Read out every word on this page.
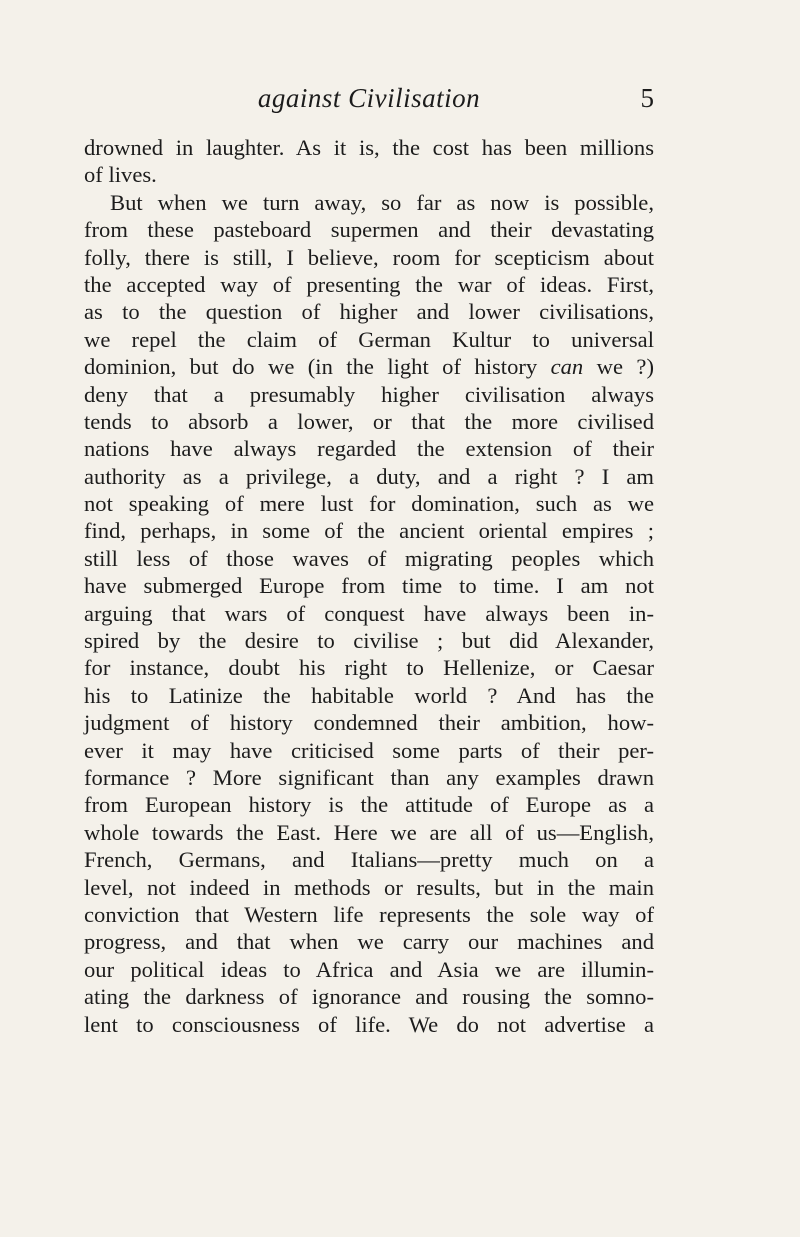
against Civilisation	5
drowned in laughter. As it is, the cost has been millions
of lives.
But when we turn away, so far as now is possible,
from these pasteboard supermen and their devastating
folly, there is still, I believe, room for scepticism about
the accepted way of presenting the war of ideas. First,
as to the question of higher and lower civilisations,
we repel the claim of German Kultur to universal
dominion, but do we (in the light of history can we ?)
deny that a presumably higher civilisation always
tends to absorb a lower, or that the more civilised
nations have always regarded the extension of their
authority as a privilege, a duty, and a right ? I am
not speaking of mere lust for domination, such as we
find, perhaps, in some of the ancient oriental empires ;
still less of those waves of migrating peoples which
have submerged Europe from time to time. I am not
arguing that wars of conquest have always been in-
spired by the desire to civilise ; but did Alexander,
for instance, doubt his right to Hellenize, or Caesar
his to Latinize the habitable world ? And has the
judgment of history condemned their ambition, how-
ever it may have criticised some parts of their per-
formance ? More significant than any examples drawn
from European history is the attitude of Europe as a
whole towards the East. Here we are all of us—English,
French, Germans, and Italians—pretty much on a
level, not indeed in methods or results, but in the main
conviction that Western life represents the sole way of
progress, and that when we carry our machines and
our political ideas to Africa and Asia we are illumin-
ating the darkness of ignorance and rousing the somno-
lent to consciousness of life. We do not advertise a
